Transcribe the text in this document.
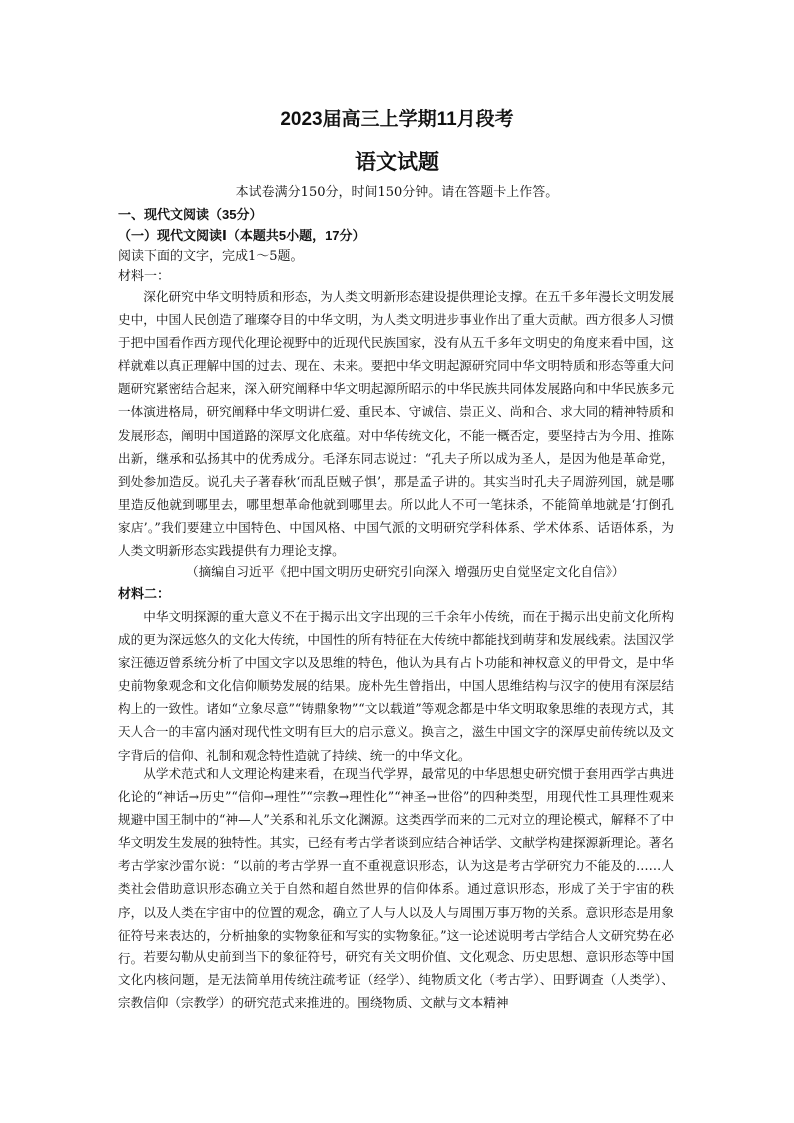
2023届高三上学期11月段考
语文试题
本试卷满分150分，时间150分钟。请在答题卡上作答。
一、现代文阅读（35分）
（一）现代文阅读Ⅰ（本题共5小题，17分）
阅读下面的文字，完成1～5题。
材料一：

深化研究中华文明特质和形态，为人类文明新形态建设提供理论支撑。在五千多年漫长文明发展史中，中国人民创造了璀璨夺目的中华文明，为人类文明进步事业作出了重大贡献。西方很多人习惯于把中国看作西方现代化理论视野中的近现代民族国家，没有从五千多年文明史的角度来看中国，这样就难以真正理解中国的过去、现在、未来。要把中华文明起源研究同中华文明特质和形态等重大问题研究紧密结合起来，深入研究阐释中华文明起源所昭示的中华民族共同体发展路向和中华民族多元一体演进格局，研究阐释中华文明讲仁爱、重民本、守诚信、崇正义、尚和合、求大同的精神特质和发展形态，阐明中国道路的深厚文化底蕴。对中华传统文化，不能一概否定，要坚持古为今用、推陈出新，继承和弘扬其中的优秀成分。毛泽东同志说过：“孔夫子所以成为圣人，是因为他是革命党，到处参加造反。说孔夫子著春秋‘而乱臣贼子惧’，那是孟子讲的。其实当时孔夫子周游列国，就是哪里造反他就到哪里去，哪里想革命他就到哪里去。所以此人不可一笔抹杀，不能简单地就是‘打倒孔家店’。”我们要建立中国特色、中国风格、中国气派的文明研究学科体系、学术体系、话语体系，为人类文明新形态实践提供有力理论支撑。

（摘编自习近平《把中国文明历史研究引向深入 增强历史自觉坚定文化自信》）
材料二：

中华文明探源的重大意义不在于揭示出文字出现的三千余年小传统，而在于揭示出史前文化所构成的更为深远悠久的文化大传统，中国性的所有特征在大传统中都能找到萌芽和发展线索。法国汉学家汪德迈曾系统分析了中国文字以及思维的特色，他认为具有占卜功能和神权意义的甲骨文，是中华史前物象观念和文化信仰顺势发展的结果。庞朴先生曾指出，中国人思维结构与汉字的使用有深层结构上的一致性。诸如“立象尽意”“铸鼎象物”“文以载道”等观念都是中华文明取象思维的表现方式，其天人合一的丰富内涵对现代性文明有巨大的启示意义。换言之，滋生中国文字的深厚史前传统以及文字背后的信仰、礼制和观念特性造就了持续、统一的中华文化。

从学术范式和人文理论构建来看，在现当代学界，最常见的中华思想史研究惯于套用西学古典进化论的“神话→历史”“信仰→理性”“宗教→理性化”“神圣→世俗”的四种类型，用现代性工具理性观来规避中国王制中的“神—人”关系和礼乐文化渊源。这类西学而来的二元对立的理论模式，解释不了中华文明发生发展的独特性。其实，已经有考古学者谈到应结合神话学、文献学构建探源新理论。著名考古学家沙雷尔说：“以前的考古学界一直不重视意识形态，认为这是考古学研究力不能及的……人类社会借助意识形态确立关于自然和超自然世界的信仰体系。通过意识形态，形成了关于宇宙的秩序，以及人类在宇宙中的位置的观念，确立了人与人以及人与周围万事万物的关系。意识形态是用象征符号来表达的，分析抽象的实物象征和写实的实物象征。”这一论述说明考古学结合人文研究势在必行。 若要勾勒从史前到当下的象征符号，研究有关文明价值、文化观念、历史思想、意识形态等中国文化内核问题，是无法简单用传统注疏考证（经学）、纯物质文化（考古学）、田野调查（人类学）、宗教信仰（宗教学）的研究范式来推进的。围绕物质、文献与文本精神
